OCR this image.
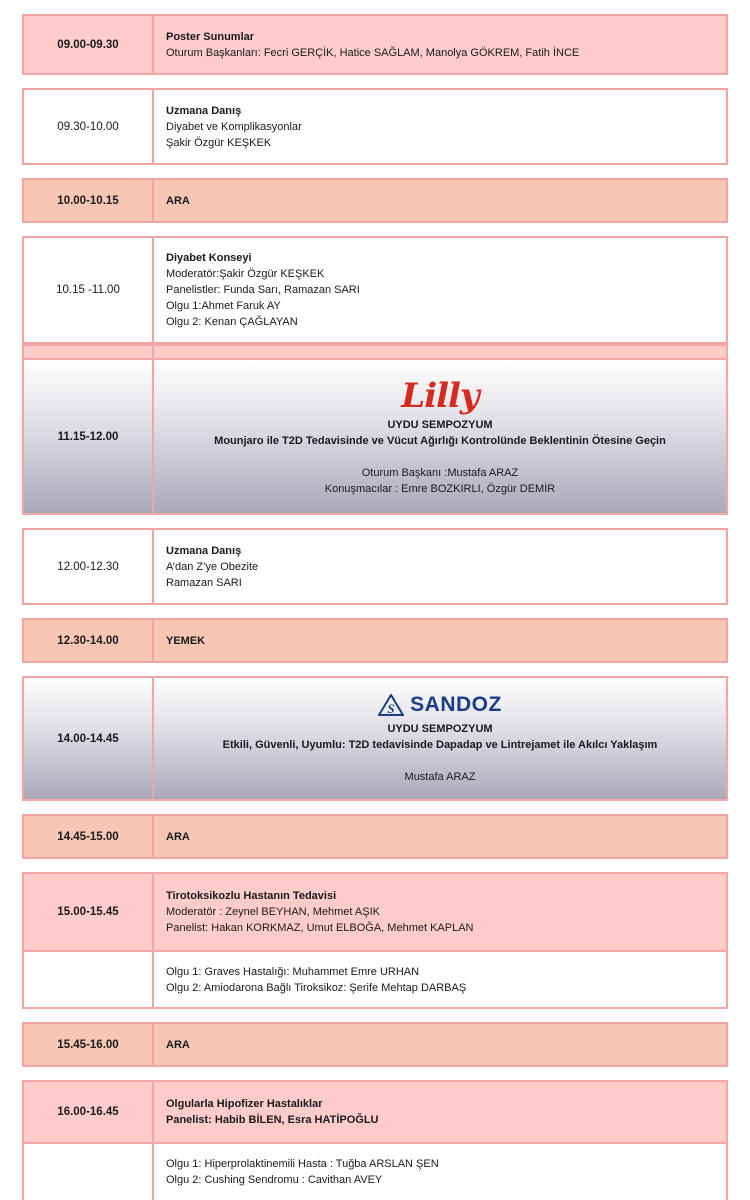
09.00-09.30
Poster Sunumlar
Oturum Başkanları: Fecri GERÇİK, Hatice SAĞLAM, Manolya GÖKREM, Fatih İNCE
09.30-10.00
Uzmana Danış
Diyabet ve Komplikasyonlar
Şakir Özgür KEŞKEK
10.00-10.15	ARA
10.15 -11.00
Diyabet Konseyi
Moderatör:Şakir Özgür KEŞKEK
Panelistler: Funda Sarı, Ramazan SARI
Olgu 1:Ahmet Faruk AY
Olgu 2: Kenan ÇAĞLAYAN
11.15-12.00
Lilly
UYDU SEMPOZYUM
Mounjaro ile T2D Tedavisinde ve Vücut Ağırlığı Kontrolünde Beklentinin Ötesine Geçin
Oturum Başkanı :Mustafa ARAZ
Konuşmacılar : Emre BOZKIRLI, Özgür DEMİR
12.00-12.30
Uzmana Danış
A’dan Z’ye Obezite
Ramazan SARI
12.30-14.00	YEMEK
14.00-14.45
S SANDOZ
UYDU SEMPOZYUM
Etkili, Güvenli, Uyumlu: T2D tedavisinde Dapadap ve Lintrejamet ile Akılcı Yaklaşım
Mustafa ARAZ
14.45-15.00	ARA
15.00-15.45
Tirotoksikozlu Hastanın Tedavisi
Moderatör : Zeynel BEYHAN, Mehmet AŞIK
Panelist: Hakan KORKMAZ, Umut ELBOĞA, Mehmet KAPLAN
Olgu 1: Graves Hastalığı: Muhammet Emre URHAN
Olgu 2: Amiodarona Bağlı Tiroksikoz: Şerife Mehtap DARBAŞ
15.45-16.00	ARA
16.00-16.45
Olgularla Hipofizer Hastalıklar
Panelist: Habib BİLEN, Esra HATİPOĞLU
Olgu 1: Hiperprolaktinemili Hasta : Tuğba ARSLAN ŞEN
Olgu 2: Cushing Sendromu : Cavithan AVEY
